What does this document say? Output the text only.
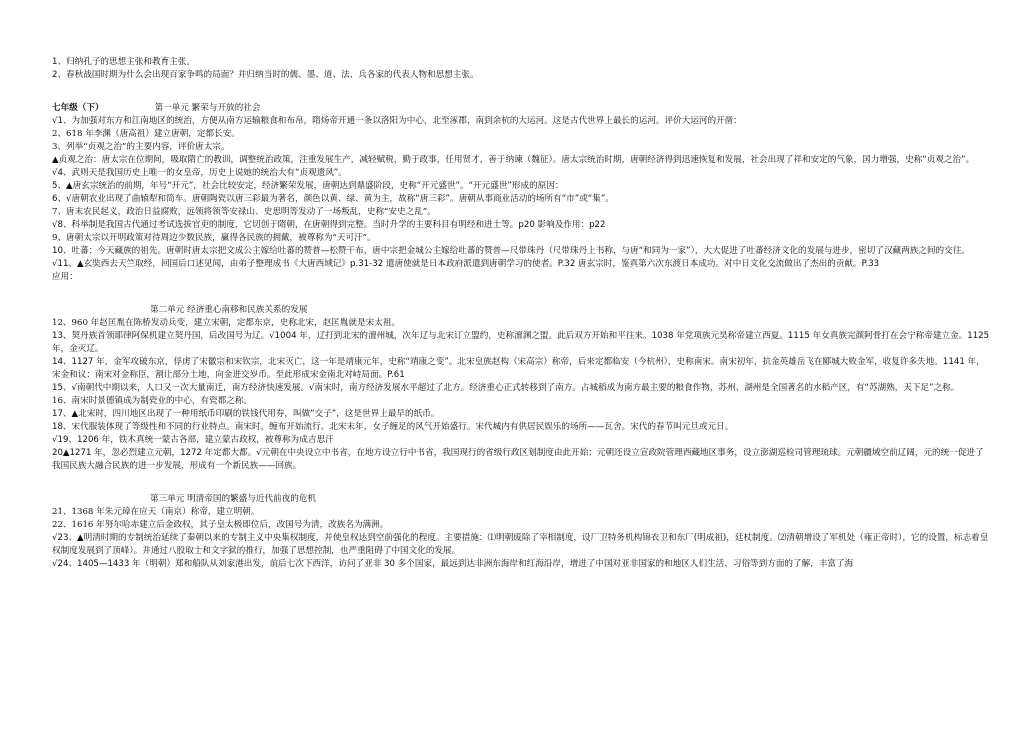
1、归纳孔子的思想主张和教育主张。
2、春秋战国时期为什么会出现百家争鸣的局面？并归纳当时的儒、墨、道、法、兵各家的代表人物和思想主张。
七年级（下）	第一单元 繁荣与开放的社会
√1、为加强对东方和江南地区的统治，方便从南方运输粮食和布帛，隋炀帝开通一条以洛阳为中心，北至涿郡，南到余杭的大运河。这是古代世界上最长的运河。评价大运河的开凿：
2、618 年李渊（唐高祖）建立唐朝，定都长安。
3、列举“贞观之治”的主要内容，评价唐太宗。
▲贞观之治：唐太宗在位期间，吸取隋亡的教训，调整统治政策，注重发展生产，减轻赋税，勤于政事，任用贤才，善于纳谏（魏征）。唐太宗统治时期，唐朝经济得到迅速恢复和发展，社会出现了祥和安定的气象，国力增强，史称“贞观之治”。
√4、武则天是我国历史上唯一的女皇帝，历史上说她的统治大有“贞观遗风”。
5、▲唐玄宗统治的前期，年号“开元”，社会比较安定，经济繁荣发展，唐朝达到鼎盛阶段，史称“开元盛世”。“开元盛世”形成的原因：
6、√唐朝农业出现了曲辕犁和筒车。唐朝陶瓷以唐三彩最为著名，颜色以黄、绿、黄为主，故称“唐三彩”。唐朝从事商业活动的场所有“市”或“集”。
7、唐末农民起义，政治日益腐败，远领将领等安禄山、史思明等发动了一场叛乱，史称“安史之乱”。
√8、科举制是我国古代通过考试选拔官吏的制度，它切创于隋朝，在唐朝得到完整。当时升学的主要科目有明经和进士等。p20 影响及作用：p22
9、唐朝太宗以开明政策对待周边少数民族，赢得各民族的拥戴，被尊称为“天可汗”。
10、吐蕃：今天藏族的祖先。唐朝时唐太宗把文成公主嫁给吐蕃的赞普—松赞干布，唐中宗把金城公主嫁给吐蕃的赞普—尺带珠丹（尺带珠丹上书称，与唐“和同为一家”），大大促进了吐蕃经济文化的发展与进步，密切了汉藏两族之间的交往。
√11、▲玄奘西去天竺取经，回国后口述见闻，由弟子整理成书《大唐西域记》p.31-32 遣唐使就是日本政府派遣到唐朝学习的使者。P.32 唐玄宗时，鉴真第六次东渡日本成功。对中日文化交流做出了杰出的贡献。P.33
应用：
第二单元 经济重心南移和民族关系的发展
12、960 年赵匡胤在陈桥发动兵变，建立宋朝，定都东京，史称北宋，赵匡胤就是宋太祖。
13、契丹族首领耶律阿保机建立契丹国，后改国号为辽。√1004 年，辽打到北宋的澶州城，次年辽与北宋订立盟约，史称澶渊之盟。此后双方开始和平往来。1038 年党项族元昊称帝建立西夏。1115 年女真族完颜阿骨打在会宁称帝建立金。1125 年，金灭辽。
14、1127 年，金军攻破东京，俘虏了宋徽宗和宋钦宗，北宋灭亡，这一年是靖康元年，史称“靖康之变”。北宋皇族赵构（宋高宗）称帝，后来定都临安（今杭州），史称南宋。南宋初年，抗金英雄岳飞在郾城大败金军，收复许多失地。1141 年，宋金和议：南宋对金称臣，割让部分土地，向金进交岁币。至此形成宋金南北对峙局面。P.61
15、√南朝代中期以来，人口又一次大量南迁，南方经济快速发展。√南宋时，南方经济发展水平超过了北方。经济重心正式转移到了南方。占城稻成为南方最主要的粮食作物，苏州、湖州是全国著名的水稻产区，有“苏湖熟，天下足”之称。
16、南宋时景德镇成为制瓷业的中心，有瓷都之称。
17、▲北宋时，四川地区出现了一种用纸币印刷的铁钱代用券，叫做“交子”，这是世界上最早的纸币。
18、宋代服装体现了等级性和不同的行业特点。南宋时，缠布开始流行。北宋末年，女子缠足的风气开始盛行。宋代城内有供居民娱乐的场所——瓦舍。宋代的春节叫元旦或元日。
√19、1206 年，铁木真统一蒙古各部，建立蒙古政权，被尊称为成吉思汗
20▲1271 年，忽必烈建立元朝，1272 年定都大都。√元朝在中央设立中书省，在地方设立行中书省，我国现行的省级行政区划制度由此开始；元朝还设立宣政院管理西藏地区事务，设立澎湖巡检司管理琉球。元朝疆域空前辽阔，元的统一促进了我国民族大融合民族的进一步发展，形成有一个新民族——回族。
第三单元 明清帝国的繁盛与近代前夜的危机
21、1368 年朱元璋在应天（南京）称帝，建立明朝。
22、1616 年努尔哈赤建立后金政权，其子皇太极即位后，改国号为清，改族名为满洲。
√23、▲明清时期的专制统治延续了秦朝以来的专制主义中央集权制度，并使皇权达到空前强化的程度。主要措施：⑴明朝废除了宰相制度，设厂卫特务机构锦衣卫和东厂(明成祖)，廷杖制度。⑵清朝增设了军机处（雍正帝时），它的设置，标志着皇权制度发展到了顶峰）。并通过八股取士和文字狱的推行，加强了思想控制，也严重阻碍了中国文化的发展。
√24、1405—1433 年（明朝）郑和船队从刘家港出发，前后七次下西洋，访问了亚非 30 多个国家，最远到达非洲东海岸和红海沿岸，增进了中国对亚非国家的和地区人们生活、习俗等到方面的了解，丰富了海
